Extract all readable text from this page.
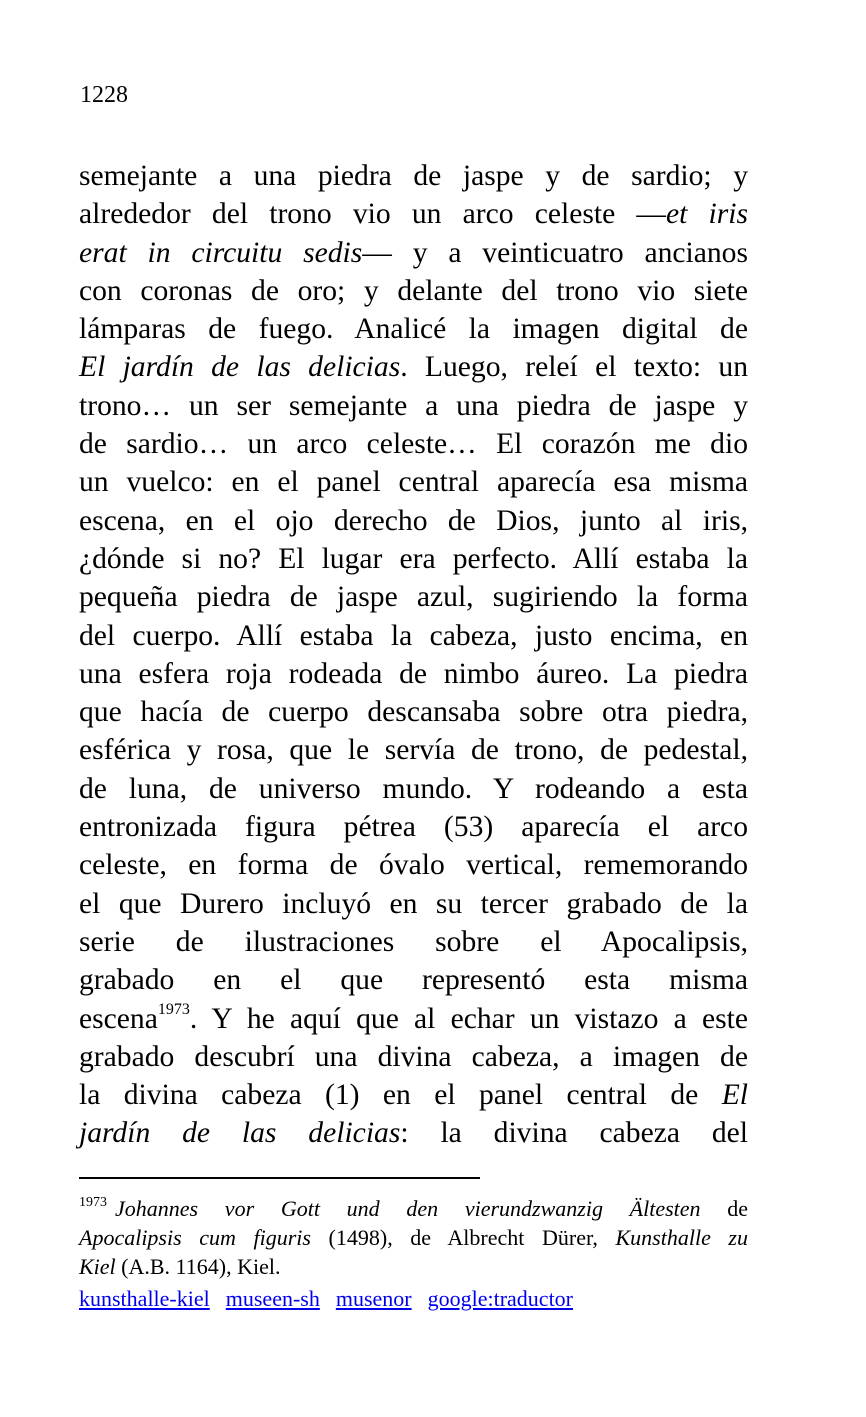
1228
semejante a una piedra de jaspe y de sardio; y
alrededor del trono vio un arco celeste —et iris
erat in circuitu sedis— y a veinticuatro ancianos
con coronas de oro; y delante del trono vio siete
lámparas de fuego. Analicé la imagen digital de
El jardín de las delicias. Luego, releí el texto: un
trono… un ser semejante a una piedra de jaspe y
de sardio… un arco celeste… El corazón me dio
un vuelco: en el panel central aparecía esa misma
escena, en el ojo derecho de Dios, junto al iris,
¿dónde si no? El lugar era perfecto. Allí estaba la
pequeña piedra de jaspe azul, sugiriendo la forma
del cuerpo. Allí estaba la cabeza, justo encima, en
una esfera roja rodeada de nimbo áureo. La piedra
que hacía de cuerpo descansaba sobre otra piedra,
esférica y rosa, que le servía de trono, de pedestal,
de luna, de universo mundo. Y rodeando a esta
entronizada figura pétrea (53) aparecía el arco
celeste, en forma de óvalo vertical, rememorando
el que Durero incluyó en su tercer grabado de la
serie de ilustraciones sobre el Apocalipsis,
grabado en el que representó esta misma
escena$^{1973}$. Y he aquí que al echar un vistazo a este
grabado descubrí una divina cabeza, a imagen de
la divina cabeza (1) en el panel central de El
jardín de las delicias: la divina cabeza del
$^{1973}$ Johannes vor Gott und den vierundzwanzig Ältesten de
Apocalipsis cum figuris (1498), de Albrecht Dürer, Kunsthalle zu
Kiel (A.B. 1164), Kiel.
kunsthalle-kiel museen-sh musenor google:traductor
